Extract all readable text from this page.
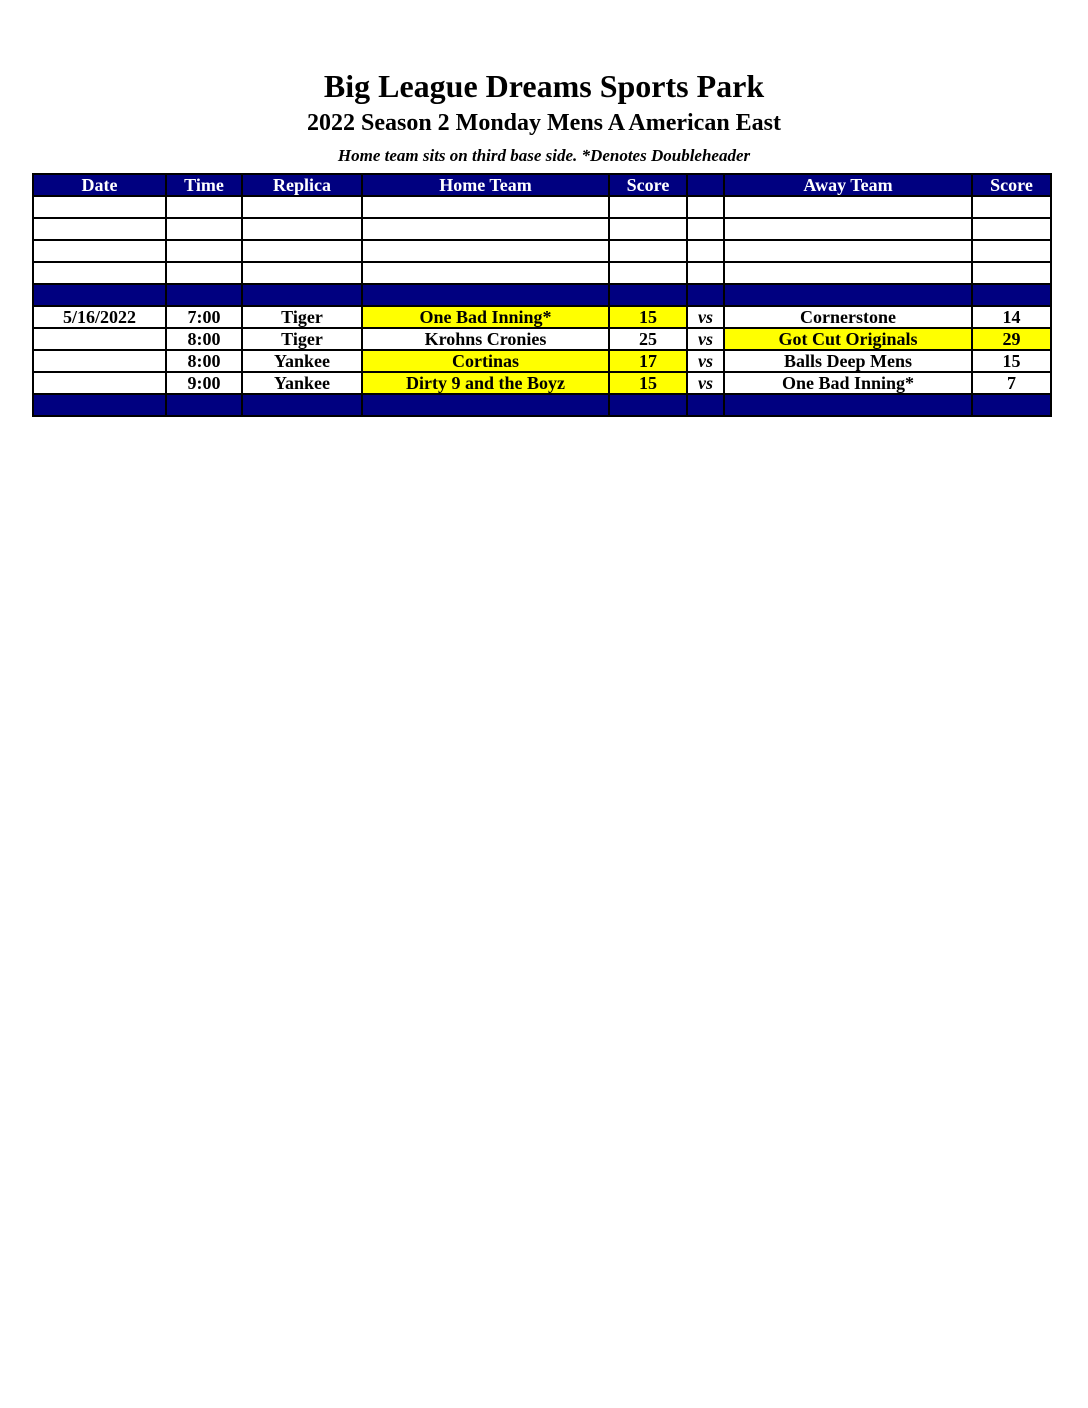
Big League Dreams Sports Park
2022 Season 2 Monday Mens A American East
Home team sits on third base side. *Denotes Doubleheader
Date	Time	Replica	Home Team	Score		Away Team	Score

5/16/2022	7:00	Tiger	One Bad Inning*	15	vs	Cornerstone	14
	8:00	Tiger	Krohns Cronies	25	vs	Got Cut Originals	29
	8:00	Yankee	Cortinas	17	vs	Balls Deep Mens	15
	9:00	Yankee	Dirty 9 and the Boyz	15	vs	One Bad Inning*	7
